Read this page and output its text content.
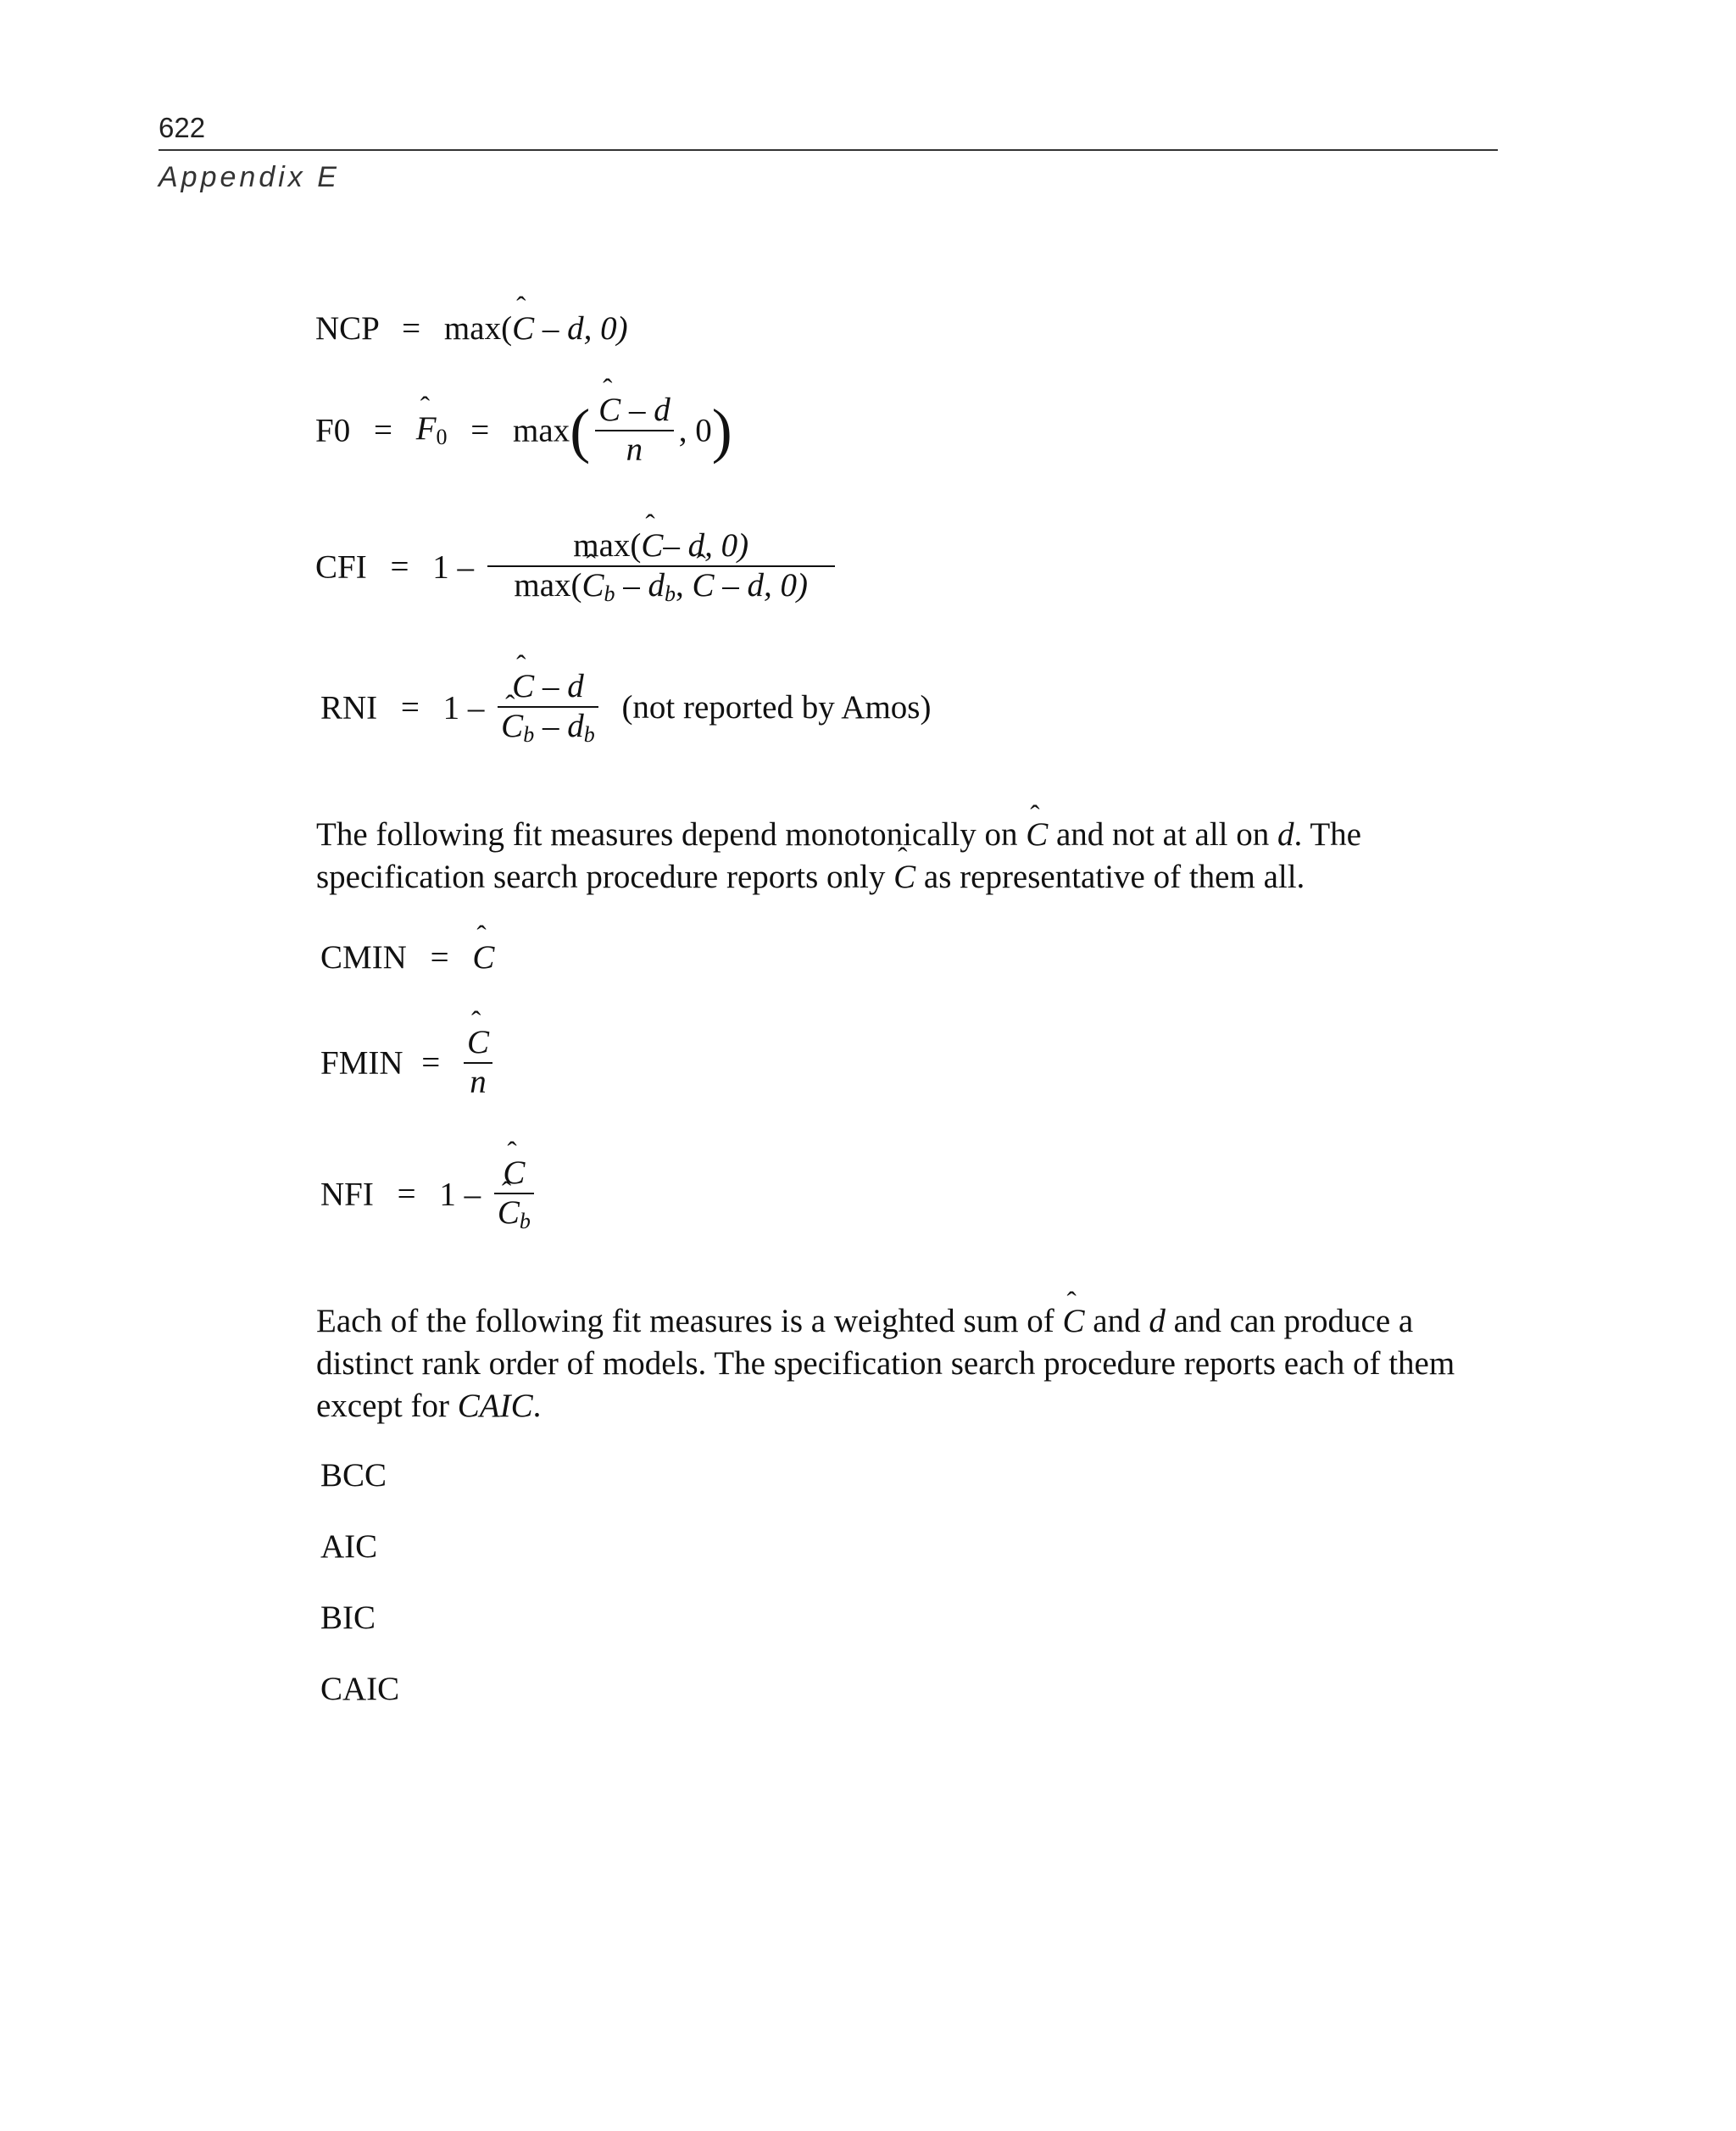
622
Appendix E
NCP = max(ˆ C – d, 0)
F0 = ˆ F0 = max( ˆ $\frac{C - d}{n}$ , 0)
CFI = $1 - \frac{\text{max(ˆ C– d, 0)}}{\max(ˆ C_b - d_b, ˆ C - d, 0)}$
RNI = 1 – ˆ C – d
ˆ $C_b - d_b$ (not reported by Amos)
The following fit measures depend monotonically on ˆ C and not at all on d. The
specification search procedure reports only ˆ C as representative of them all.
CMIN = ˆ C
FMIN = ˆ $\frac{C}{n}$
NFI = 1 – ˆ C
ˆ $C_b$
Each of the following fit measures is a weighted sum of ˆ C and d and can produce a
distinct rank order of models. The specification search procedure reports each of them
except for CAIC.
BCC
AIC
BIC
CAIC
